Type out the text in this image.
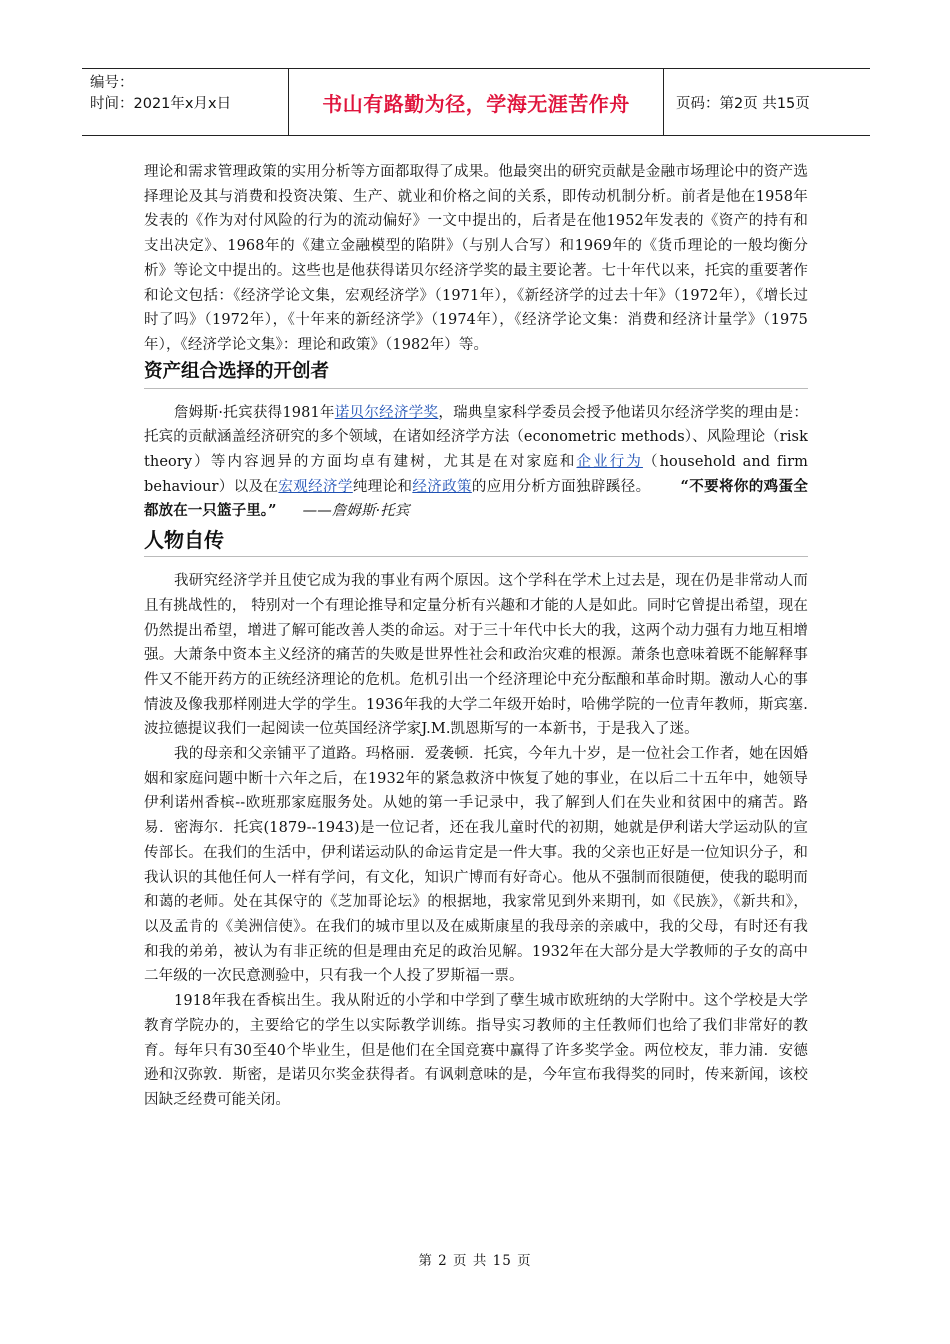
编号：
时间：2021年x月x日	书山有路勤为径，学海无涯苦作舟	页码：第2页 共15页

理论和需求管理政策的实用分析等方面都取得了成果。他最突出的研究贡献是金融市场理论中的资产选择理论及其与消费和投资决策、生产、就业和价格之间的关系，即传动机制分析。前者是他在1958年发表的《作为对付风险的行为的流动偏好》一文中提出的，后者是在他1952年发表的《资产的持有和支出决定》、1968年的《建立金融模型的陷阱》（与别人合写）和1969年的《货币理论的一般均衡分析》等论文中提出的。这些也是他获得诺贝尔经济学奖的最主要论著。七十年代以来，托宾的重要著作和论文包括：《经济学论文集，宏观经济学》（1971年），《新经济学的过去十年》（1972年），《增长过时了吗》（1972年），《十年来的新经济学》（1974年），《经济学论文集：消费和经济计量学》（1975年），《经济学论文集》：理论和政策》（1982年）等。

资产组合选择的开创者

詹姆斯·托宾获得1981年诺贝尔经济学奖，瑞典皇家科学委员会授予他诺贝尔经济学奖的理由是：托宾的贡献涵盖经济研究的多个领域，在诸如经济学方法（econometric methods）、风险理论（risk theory）等内容迥异的方面均卓有建树，尤其是在对家庭和企业行为（household and firm behaviour）以及在宏观经济学纯理论和经济政策的应用分析方面独辟蹊径。 “不要将你的鸡蛋全都放在一只篮子里。” ——詹姆斯·托宾

人物自传

我研究经济学并且使它成为我的事业有两个原因。这个学科在学术上过去是，现在仍是非常动人而且有挑战性的， 特别对一个有理论推导和定量分析有兴趣和才能的人是如此。同时它曾提出希望，现在仍然提出希望，增进了解可能改善人类的命运。对于三十年代中长大的我，这两个动力强有力地互相增强。大萧条中资本主义经济的痛苦的失败是世界性社会和政治灾难的根源。萧条也意味着既不能解释事件又不能开药方的正统经济理论的危机。危机引出一个经济理论中充分酝酿和革命时期。激动人心的事情波及像我那样刚进大学的学生。1936年我的大学二年级开始时，哈佛学院的一位青年教师，斯宾塞.波拉德提议我们一起阅读一位英国经济学家J.M.凯恩斯写的一本新书，于是我入了迷。

我的母亲和父亲铺平了道路。玛格丽．爱袭顿．托宾，今年九十岁，是一位社会工作者，她在因婚姻和家庭问题中断十六年之后，在1932年的紧急救济中恢复了她的事业，在以后二十五年中，她领导伊利诺州香槟--欧班那家庭服务处。从她的第一手记录中，我了解到人们在失业和贫困中的痛苦。路易．密海尔．托宾(1879--1943)是一位记者，还在我儿童时代的初期，她就是伊利诺大学运动队的宣传部长。在我们的生活中，伊利诺运动队的命运肯定是一件大事。我的父亲也正好是一位知识分子，和我认识的其他任何人一样有学问，有文化，知识广博而有好奇心。他从不强制而很随便，使我的聪明而和蔼的老师。处在其保守的《芝加哥论坛》的根据地，我家常见到外来期刊，如《民族》，《新共和》，以及孟肯的《美洲信使》。在我们的城市里以及在威斯康星的我母亲的亲戚中，我的父母，有时还有我和我的弟弟，被认为有非正统的但是理由充足的政治见解。1932年在大部分是大学教师的子女的高中二年级的一次民意测验中，只有我一个人投了罗斯福一票。

1918年我在香槟出生。我从附近的小学和中学到了孽生城市欧班纳的大学附中。这个学校是大学教育学院办的，主要给它的学生以实际教学训练。指导实习教师的主任教师们也给了我们非常好的教育。每年只有30至40个毕业生，但是他们在全国竞赛中赢得了许多奖学金。两位校友，菲力浦．安德逊和汉弥敦．斯密，是诺贝尔奖金获得者。有讽刺意味的是，今年宣布我得奖的同时，传来新闻，该校因缺乏经费可能关闭。

第 2 页 共 15 页
